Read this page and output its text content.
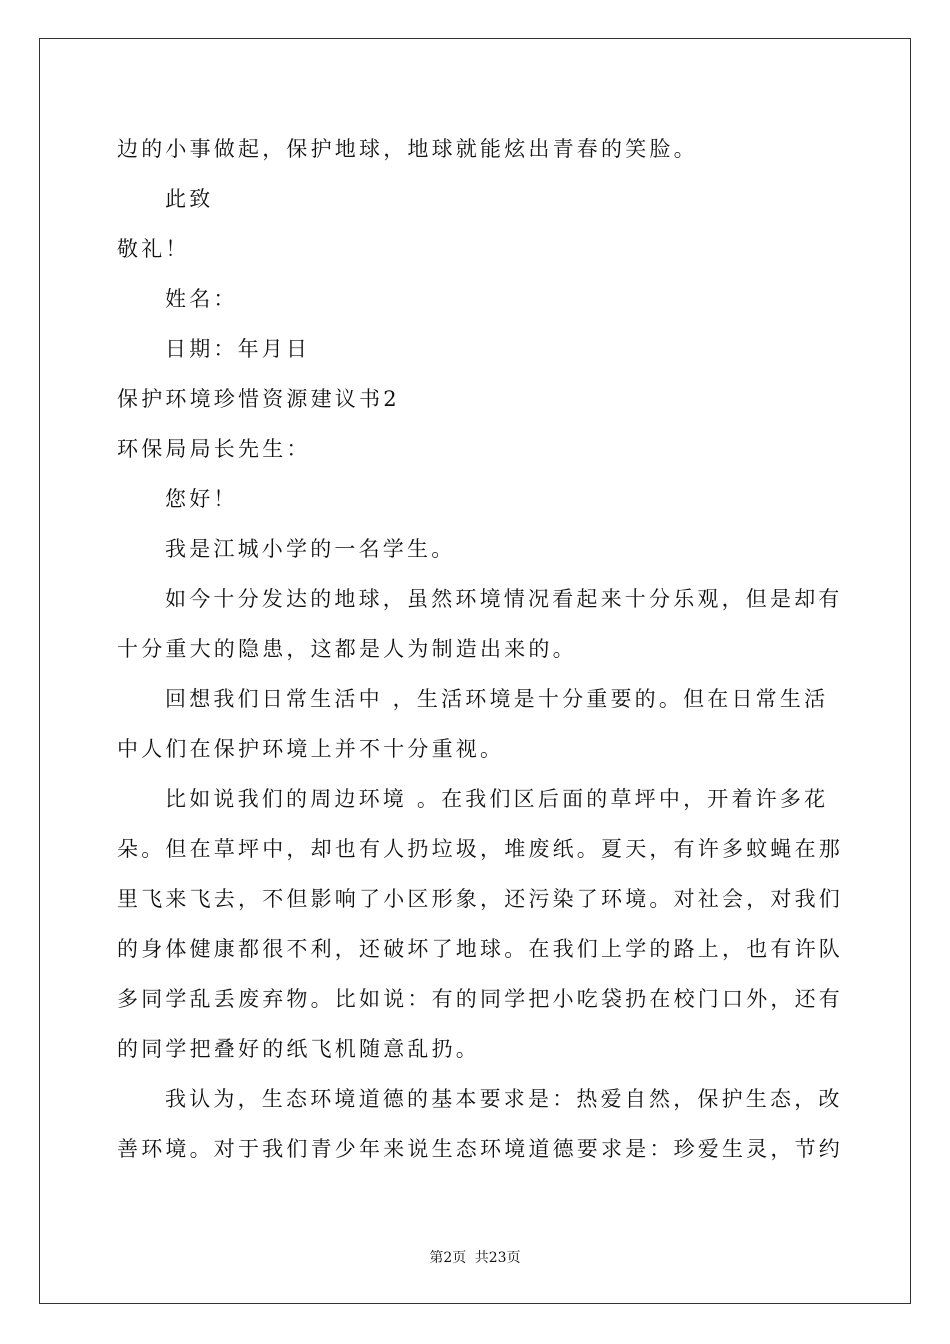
边的小事做起，保护地球，地球就能炫出青春的笑脸。
此致
敬礼！
姓名：
日期：年月日
保护环境珍惜资源建议书2
环保局局长先生：
您好！
我是江城小学的一名学生。
如今十分发达的地球，虽然环境情况看起来十分乐观，但是却有
十分重大的隐患，这都是人为制造出来的。
回想我们日常生活中 ，生活环境是十分重要的。但在日常生活
中人们在保护环境上并不十分重视。
比如说我们的周边环境 。在我们区后面的草坪中，开着许多花
朵。但在草坪中，却也有人扔垃圾，堆废纸。夏天，有许多蚊蝇在那
里飞来飞去，不但影响了小区形象，还污染了环境。对社会，对我们
的身体健康都很不利，还破坏了地球。在我们上学的路上，也有许队
多同学乱丢废弃物。比如说：有的同学把小吃袋扔在校门口外，还有
的同学把叠好的纸飞机随意乱扔。
我认为，生态环境道德的基本要求是：热爱自然，保护生态，改
善环境。对于我们青少年来说生态环境道德要求是：珍爱生灵，节约
第2页 共23页
